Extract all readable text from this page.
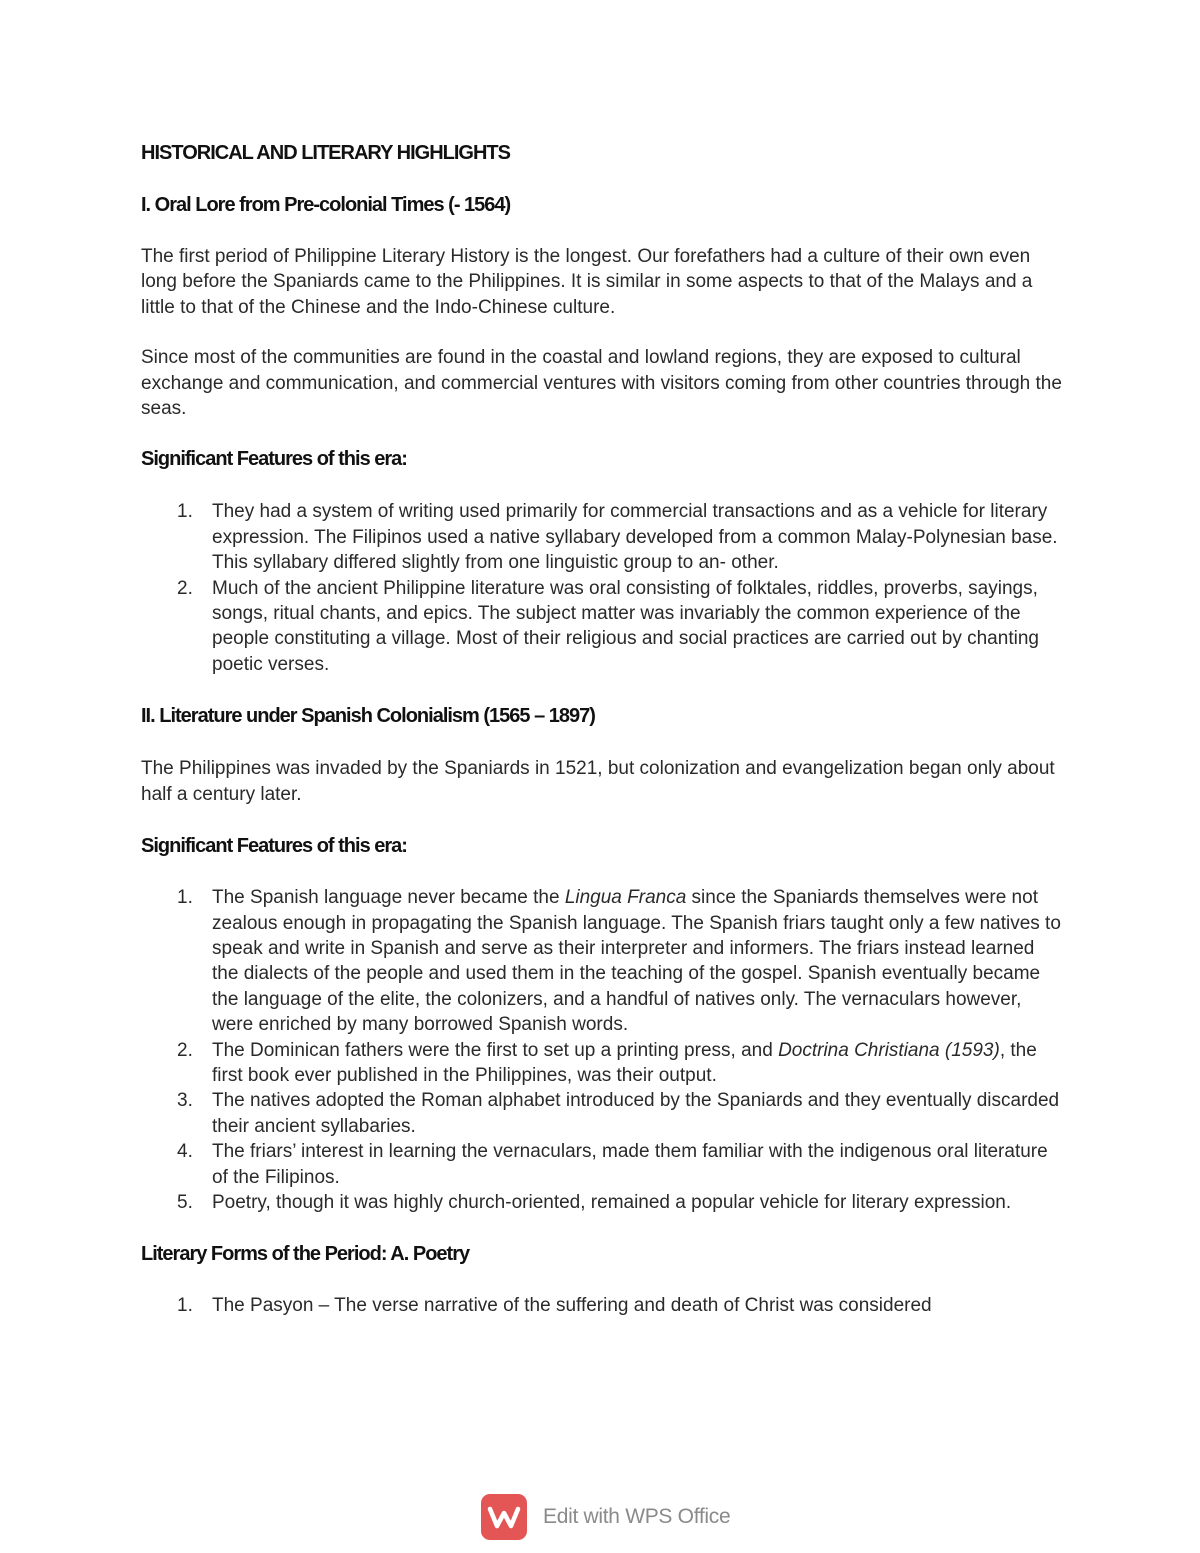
HISTORICAL AND LITERARY HIGHLIGHTS
I. Oral Lore from Pre-colonial Times (- 1564)

The first period of Philippine Literary History is the longest. Our forefathers had a culture of their own even long before the Spaniards came to the Philippines. It is similar in some aspects to that of the Malays and a little to that of the Chinese and the Indo-Chinese culture.

Since most of the communities are found in the coastal and lowland regions, they are exposed to cultural exchange and communication, and commercial ventures with visitors coming from other countries through the seas.

Significant Features of this era:
1. They had a system of writing used primarily for commercial transactions and as a vehicle for literary expression. The Filipinos used a native syllabary developed from a common Malay-Polynesian base. This syllabary differed slightly from one linguistic group to an- other.
2. Much of the ancient Philippine literature was oral consisting of folktales, riddles, proverbs, sayings, songs, ritual chants, and epics. The subject matter was invariably the common experience of the people constituting a village. Most of their religious and social practices are carried out by chanting poetic verses.
II. Literature under Spanish Colonialism (1565 – 1897)

The Philippines was invaded by the Spaniards in 1521, but colonization and evangelization began only about half a century later.

Significant Features of this era:
1. The Spanish language never became the Lingua Franca since the Spaniards themselves were not zealous enough in propagating the Spanish language. The Spanish friars taught only a few natives to speak and write in Spanish and serve as their interpreter and informers. The friars instead learned the dialects of the people and used them in the teaching of the gospel. Spanish eventually became the language of the elite, the colonizers, and a handful of natives only. The vernaculars however, were enriched by many borrowed Spanish words.
2. The Dominican fathers were the first to set up a printing press, and Doctrina Christiana (1593), the first book ever published in the Philippines, was their output.
3. The natives adopted the Roman alphabet introduced by the Spaniards and they eventually discarded their ancient syllabaries.
4. The friars’ interest in learning the vernaculars, made them familiar with the indigenous oral literature of the Filipinos.
5. Poetry, though it was highly church-oriented, remained a popular vehicle for literary expression.
Literary Forms of the Period: A. Poetry
1. The Pasyon – The verse narrative of the suffering and death of Christ was considered
Edit with WPS Office
